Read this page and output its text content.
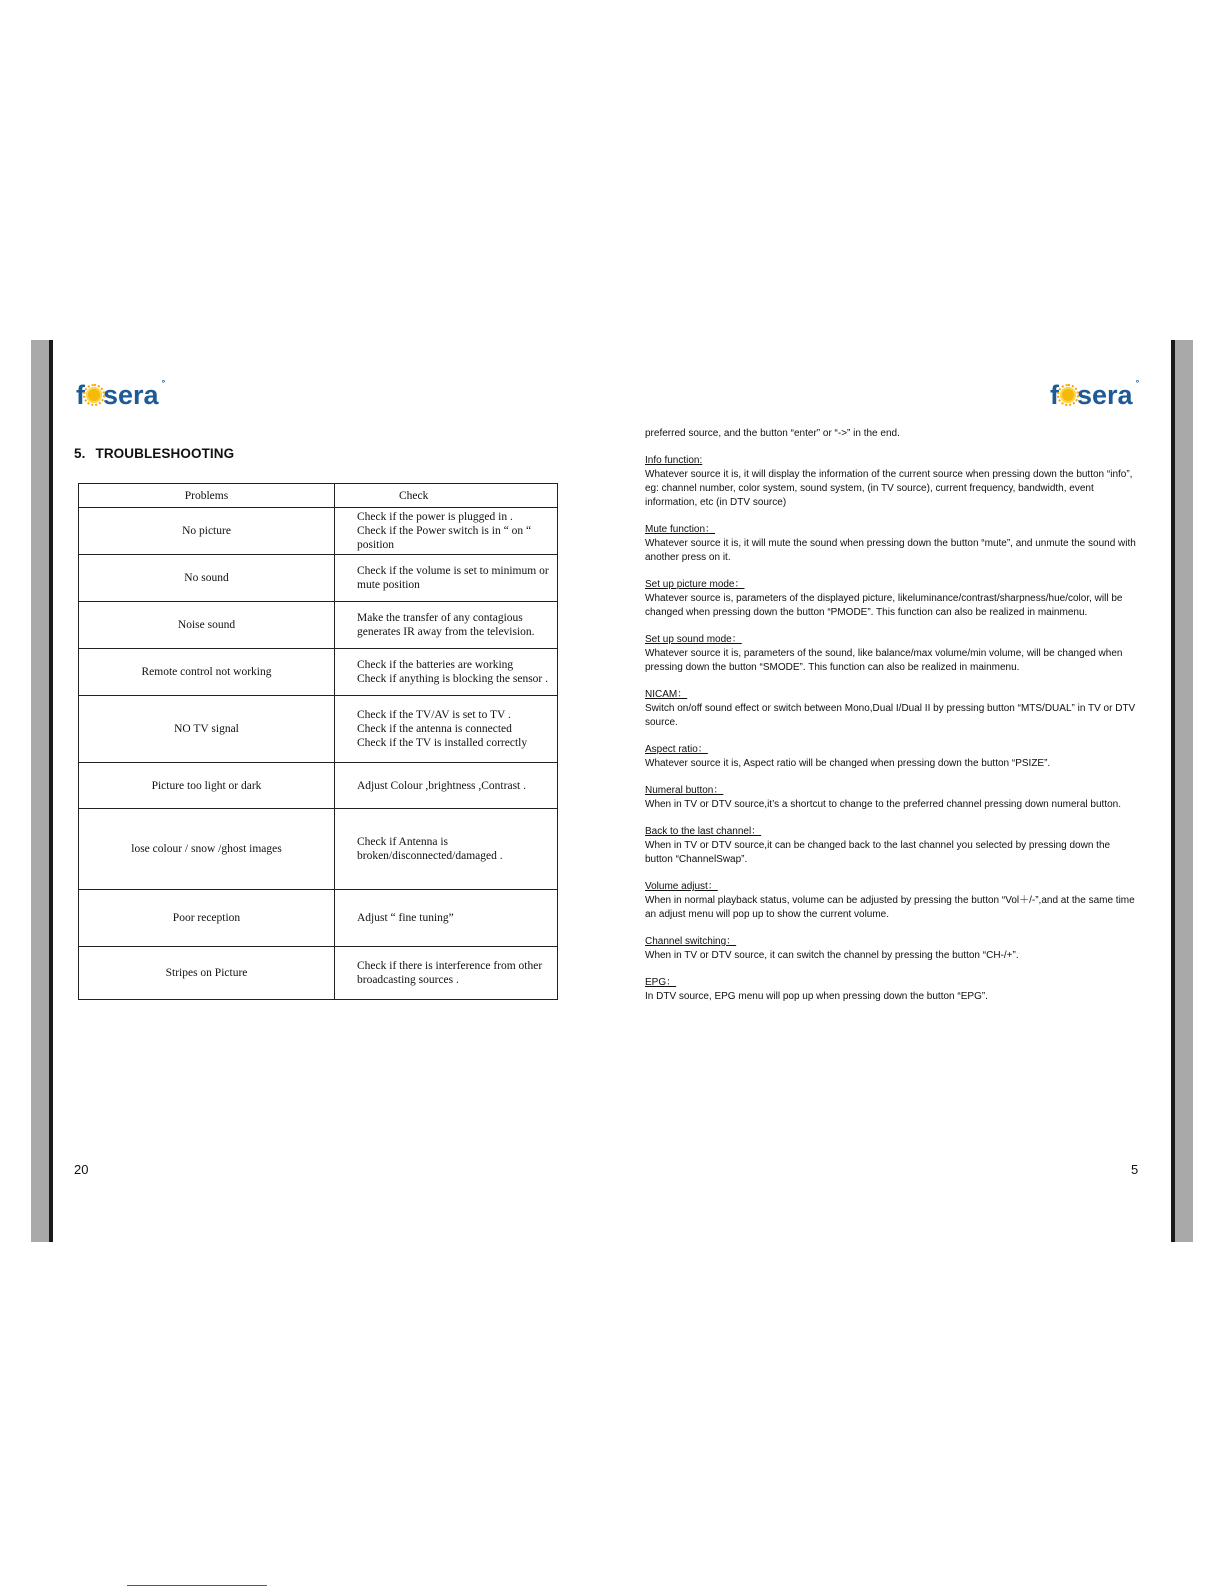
f sera °	f sera °
5. TROUBLESHOOTING
Problems	Check
No picture	Check if the power is plugged in .
Check if the Power switch is in “ on “ position

No sound	Check if the volume is set to minimum or
mute position

Noise sound	Make the transfer of any contagious
generates IR away from the television.

Remote control not working	Check if the batteries are working
Check if anything is blocking the sensor .

NO TV signal	Check if the TV/AV is set to TV .
Check if the antenna is connected
Check if the TV is installed correctly

Picture too light or dark	Adjust Colour ,brightness ,Contrast .

lose colour / snow /ghost images	Check if Antenna is broken/disconnected/damaged .

Poor reception	Adjust “ fine tuning”

Stripes on Picture	Check if there is interference from other
broadcasting sources .
20

preferred source, and the button “enter” or “->” in the end.

Info function:
Whatever source it is, it will display the information of the current source when pressing down the button “info”, eg: channel number, color system, sound system, (in TV source), current frequency, bandwidth, event information, etc (in DTV source)
Mute function：
Whatever source it is, it will mute the sound when pressing down the button “mute”, and unmute the sound with another press on it.
Set up picture mode：
Whatever source is, parameters of the displayed picture, likeluminance/contrast/sharpness/hue/color, will be changed when pressing down the button “PMODE”. This function can also be realized in mainmenu.
Set up sound mode：
Whatever source it is, parameters of the sound, like balance/max volume/min volume, will be changed when pressing down the button “SMODE”. This function can also be realized in mainmenu.
NICAM：
Switch on/off sound effect or switch between Mono,Dual I/Dual II by pressing button “MTS/DUAL” in TV or DTV source.
Aspect ratio：
Whatever source it is, Aspect ratio will be changed when pressing down the button “PSIZE”.
Numeral button：
When in TV or DTV source,it’s a shortcut to change to the preferred channel pressing down numeral button.
Back to the last channel：
When in TV or DTV source,it can be changed back to the last channel you selected by pressing down the button “ChannelSwap”.
Volume adjust：
When in normal playback status, volume can be adjusted by pressing the button “Vol＋/-”,and at the same time an adjust menu will pop up to show the current volume.
Channel switching：
When in TV or DTV source, it can switch the channel by pressing the button “CH-/+”.
EPG：
In DTV source, EPG menu will pop up when pressing down the button “EPG”.
5
